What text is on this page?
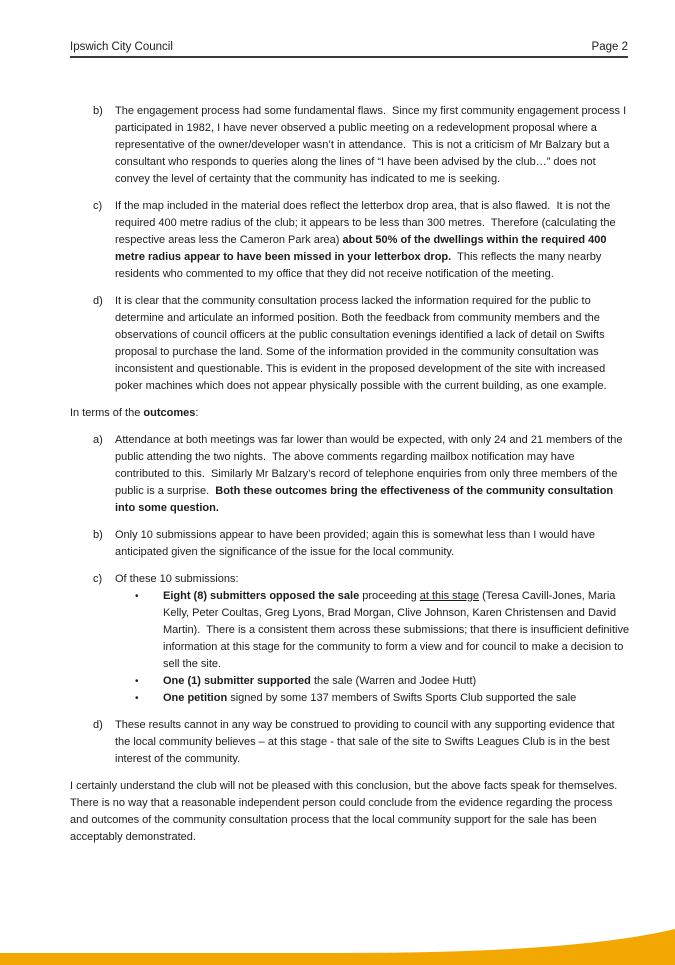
Ipswich City Council	Page 2
b)	The engagement process had some fundamental flaws.  Since my first community engagement process I participated in 1982, I have never observed a public meeting on a redevelopment proposal where a representative of the owner/developer wasn’t in attendance.  This is not a criticism of Mr Balzary but a consultant who responds to queries along the lines of “I have been advised by the club…” does not convey the level of certainty that the community has indicated to me is seeking.
c)	If the map included in the material does reflect the letterbox drop area, that is also flawed.  It is not the required 400 metre radius of the club; it appears to be less than 300 metres.  Therefore (calculating the respective areas less the Cameron Park area) about 50% of the dwellings within the required 400 metre radius appear to have been missed in your letterbox drop.  This reflects the many nearby residents who commented to my office that they did not receive notification of the meeting.
d)	It is clear that the community consultation process lacked the information required for the public to determine and articulate an informed position. Both the feedback from community members and the observations of council officers at the public consultation evenings identified a lack of detail on Swifts proposal to purchase the land. Some of the information provided in the community consultation was inconsistent and questionable. This is evident in the proposed development of the site with increased poker machines which does not appear physically possible with the current building, as one example.

In terms of the outcomes:

a)	Attendance at both meetings was far lower than would be expected, with only 24 and 21 members of the public attending the two nights.  The above comments regarding mailbox notification may have contributed to this.  Similarly Mr Balzary’s record of telephone enquiries from only three members of the public is a surprise.  Both these outcomes bring the effectiveness of the community consultation into some question.
b)	Only 10 submissions appear to have been provided; again this is somewhat less than I would have anticipated given the significance of the issue for the local community.
c)	Of these 10 submissions:
•	Eight (8) submitters opposed the sale proceeding at this stage (Teresa Cavill-Jones, Maria Kelly, Peter Coultas, Greg Lyons, Brad Morgan, Clive Johnson, Karen Christensen and David Martin).  There is a consistent them across these submissions; that there is insufficient definitive information at this stage for the community to form a view and for council to make a decision to sell the site.
•	One (1) submitter supported the sale (Warren and Jodee Hutt)
•	One petition signed by some 137 members of Swifts Sports Club supported the sale
d)	These results cannot in any way be construed to providing to council with any supporting evidence that the local community believes – at this stage - that sale of the site to Swifts Leagues Club is in the best interest of the community.

I certainly understand the club will not be pleased with this conclusion, but the above facts speak for themselves.  There is no way that a reasonable independent person could conclude from the evidence regarding the process and outcomes of the community consultation process that the local community support for the sale has been acceptably demonstrated.
